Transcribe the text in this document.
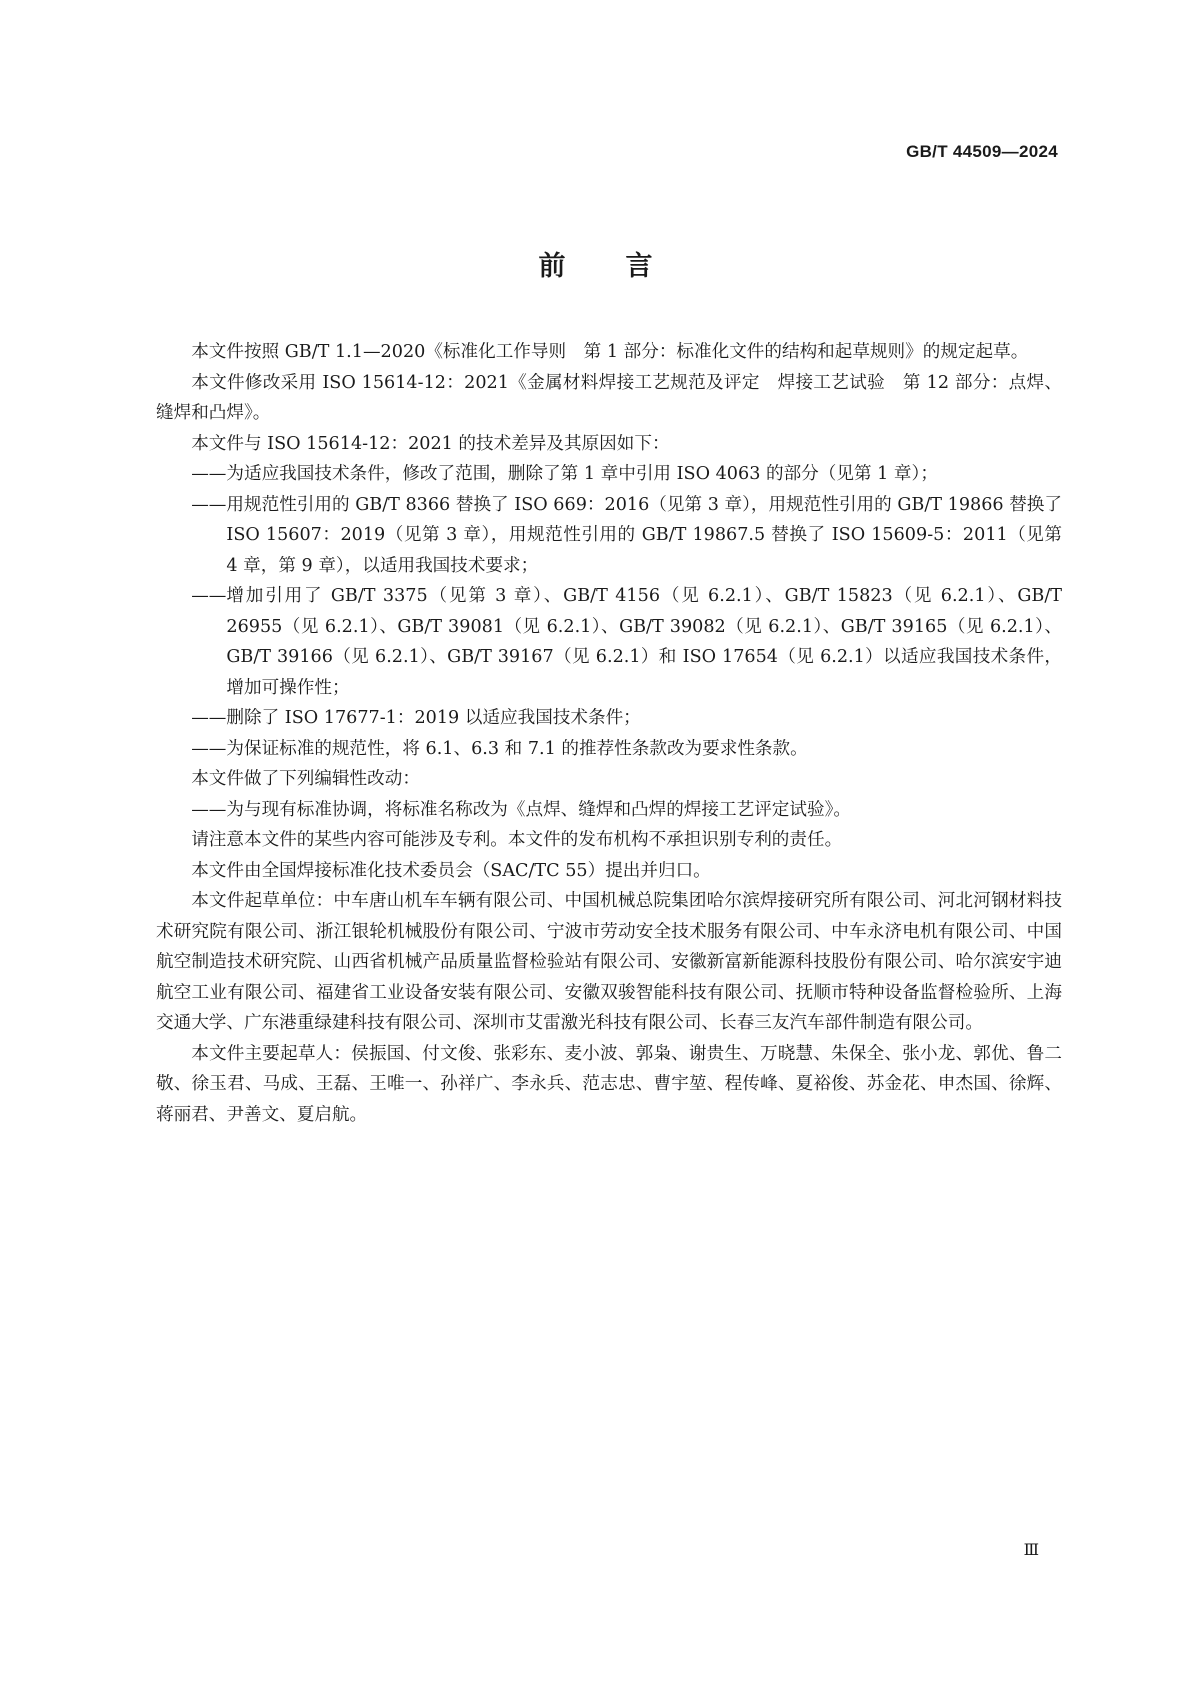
GB/T 44509—2024
前言

本文件按照 GB/T 1.1—2020《标准化工作导则　第 1 部分：标准化文件的结构和起草规则》的规定起草。

本文件修改采用 ISO 15614-12：2021《金属材料焊接工艺规范及评定　焊接工艺试验　第 12 部分：点焊、缝焊和凸焊》。

本文件与 ISO 15614-12：2021 的技术差异及其原因如下：

—— 为适应我国技术条件，修改了范围，删除了第 1 章中引用 ISO 4063 的部分（见第 1 章）；
—— 用规范性引用的 GB/T 8366 替换了 ISO 669：2016（见第 3 章），用规范性引用的 GB/T 19866 替换了 ISO 15607：2019（见第 3 章），用规范性引用的 GB/T 19867.5 替换了 ISO 15609-5：2011（见第 4 章，第 9 章），以适用我国技术要求；
—— 增加引用了 GB/T 3375（见第 3 章）、GB/T 4156（见 6.2.1）、GB/T 15823（见 6.2.1）、GB/T 26955（见 6.2.1）、GB/T 39081（见 6.2.1）、GB/T 39082（见 6.2.1）、GB/T 39165（见 6.2.1）、GB/T 39166（见 6.2.1）、GB/T 39167（见 6.2.1）和 ISO 17654（见 6.2.1）以适应我国技术条件，增加可操作性；
—— 删除了 ISO 17677-1：2019 以适应我国技术条件；
—— 为保证标准的规范性，将 6.1、6.3 和 7.1 的推荐性条款改为要求性条款。

本文件做了下列编辑性改动：

—— 为与现有标准协调，将标准名称改为《点焊、缝焊和凸焊的焊接工艺评定试验》。

请注意本文件的某些内容可能涉及专利。本文件的发布机构不承担识别专利的责任。

本文件由全国焊接标准化技术委员会（SAC/TC 55）提出并归口。

本文件起草单位：中车唐山机车车辆有限公司、中国机械总院集团哈尔滨焊接研究所有限公司、河北河钢材料技术研究院有限公司、浙江银轮机械股份有限公司、宁波市劳动安全技术服务有限公司、中车永济电机有限公司、中国航空制造技术研究院、山西省机械产品质量监督检验站有限公司、安徽新富新能源科技股份有限公司、哈尔滨安宇迪航空工业有限公司、福建省工业设备安装有限公司、安徽双骏智能科技有限公司、抚顺市特种设备监督检验所、上海交通大学、广东港重绿建科技有限公司、深圳市艾雷激光科技有限公司、长春三友汽车部件制造有限公司。

本文件主要起草人：侯振国、付文俊、张彩东、麦小波、郭枭、谢贵生、万晓慧、朱保全、张小龙、郭优、鲁二敬、徐玉君、马成、王磊、王唯一、孙祥广、李永兵、范志忠、曹宇堃、程传峰、夏裕俊、苏金花、申杰国、徐辉、蒋丽君、尹善文、夏启航。

Ⅲ
